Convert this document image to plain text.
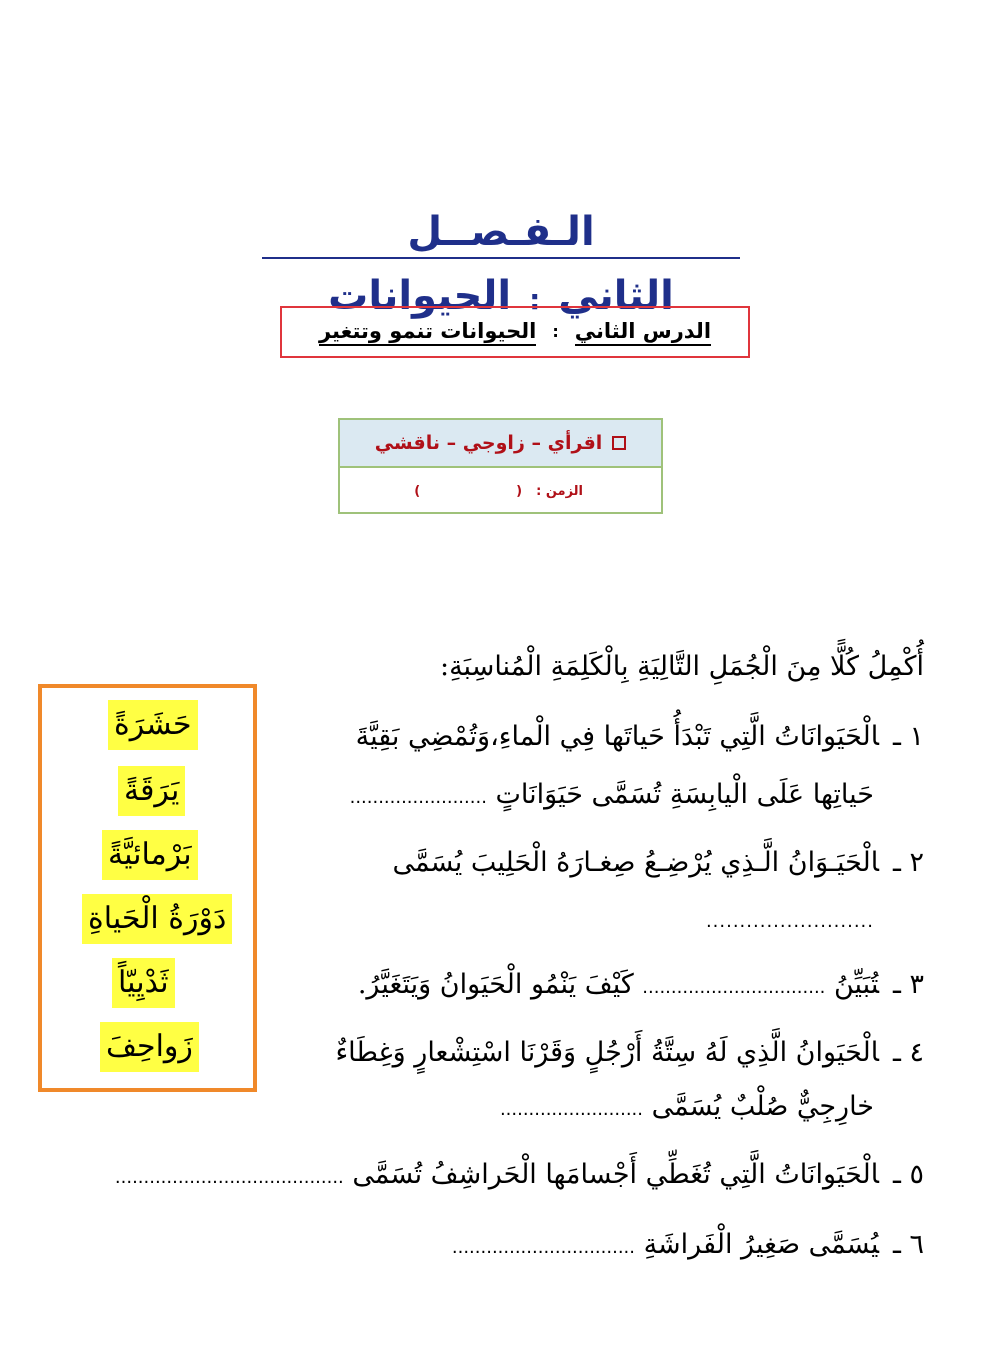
الـفـصــل الثاني:الحيوانات
الدرس الثاني
:
الحيوانات تنمو وتتغير
اقرأي – زاوجي – ناقشي
الزمن :
(
)
أُكْمِلُ كُلًّا مِنَ الْجُمَلِ التَّالِيَةِ بِالْكَلِمَةِ الْمُناسِبَةِ:
حَشَرَةً
يَرَقَةً
بَرْمائيَّةً
دَوْرَةُ الْحَياةِ
ثَدْيِيّاً
زَواحِفَ
١ ـالْحَيَوانَاتُ الَّتِي تَبْدَأُ حَياتَها فِي الْماءِ،وَتُمْضِي بَقِيَّةَ
حَياتِها عَلَى الْيابِسَةِ تُسَمَّى حَيَوَانَاتٍ ........................
٢ ـالْحَيَـوَانُ الَّـذِي يُرْضِـعُ صِغـارَهُ الْحَلِيبَ يُسَمَّى
.........................
٣ ـتُبَيِّنُ ................................ كَيْفَ يَنْمُو الْحَيَوانُ وَيَتَغَيَّرُ.
٤ ـالْحَيَوانُ الَّذِي لَهُ سِتَّةُ أَرْجُلٍ وَقَرْنَا اسْتِشْعارٍ وَغِطَاءٌ
خارِجِيٌّ صُلْبٌ يُسَمَّى .........................
٥ ـالْحَيَوانَاتُ الَّتِي تُغَطِّي أَجْسامَها الْحَراشِفُ تُسَمَّى ........................................
٦ ـيُسَمَّى صَغِيرُ الْفَراشَةِ ................................
